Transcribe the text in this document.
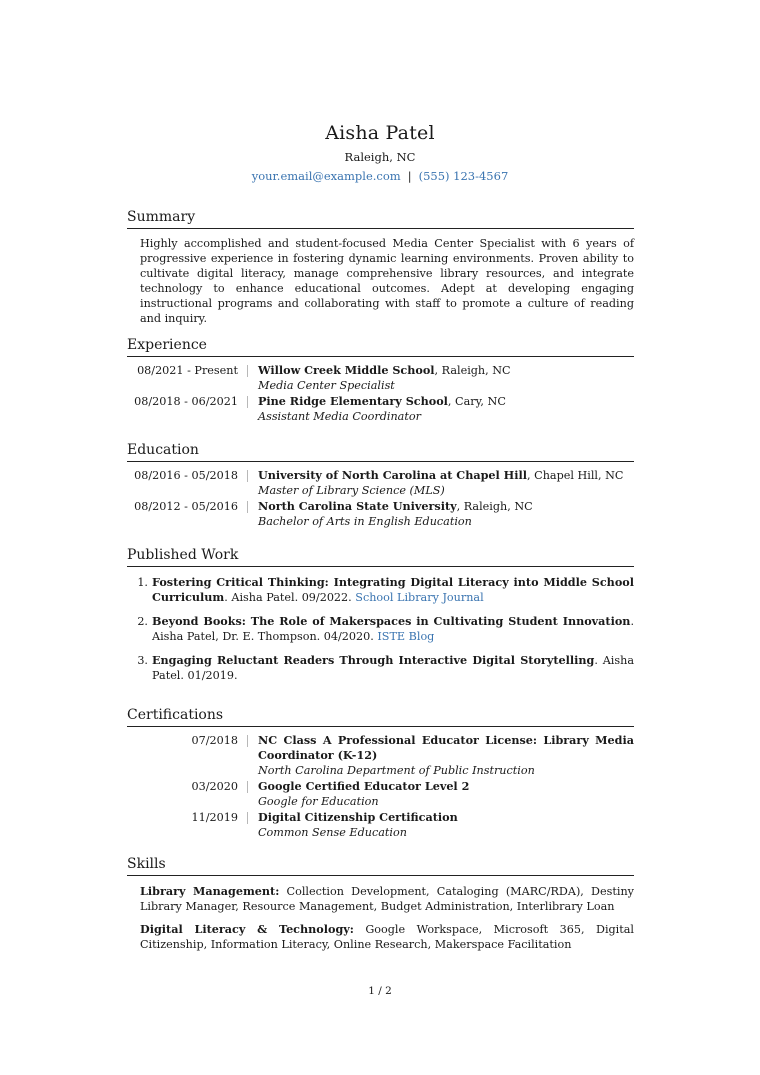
Aisha Patel
Raleigh, NC
your.email@example.com | (555) 123-4567
Summary
Highly accomplished and student-focused Media Center Specialist with 6 years of progressive experience in fostering dynamic learning environments. Proven ability to cultivate digital literacy, manage comprehensive library resources, and integrate technology to enhance educational outcomes. Adept at developing engaging instructional programs and collaborating with staff to promote a culture of reading and inquiry.
Experience
08/2021 - Present Willow Creek Middle School, Raleigh, NC
Media Center Specialist
08/2018 - 06/2021 Pine Ridge Elementary School, Cary, NC
Assistant Media Coordinator
Education
08/2016 - 05/2018 University of North Carolina at Chapel Hill, Chapel Hill, NC
Master of Library Science (MLS)
08/2012 - 05/2016 North Carolina State University, Raleigh, NC
Bachelor of Arts in English Education
Published Work
1. Fostering Critical Thinking: Integrating Digital Literacy into Middle School Curriculum. Aisha Patel. 09/2022. School Library Journal
2. Beyond Books: The Role of Makerspaces in Cultivating Student Innovation. Aisha Patel, Dr. E. Thompson. 04/2020. ISTE Blog
3. Engaging Reluctant Readers Through Interactive Digital Storytelling. Aisha Patel. 01/2019.
Certifications
07/2018 NC Class A Professional Educator License: Library Media Coordinator (K-12)
North Carolina Department of Public Instruction
03/2020 Google Certified Educator Level 2
Google for Education
11/2019 Digital Citizenship Certification
Common Sense Education
Skills
Library Management: Collection Development, Cataloging (MARC/RDA), Destiny Library Manager, Resource Management, Budget Administration, Interlibrary Loan
Digital Literacy & Technology: Google Workspace, Microsoft 365, Digital Citizenship, Information Literacy, Online Research, Makerspace Facilitation
1 / 2
